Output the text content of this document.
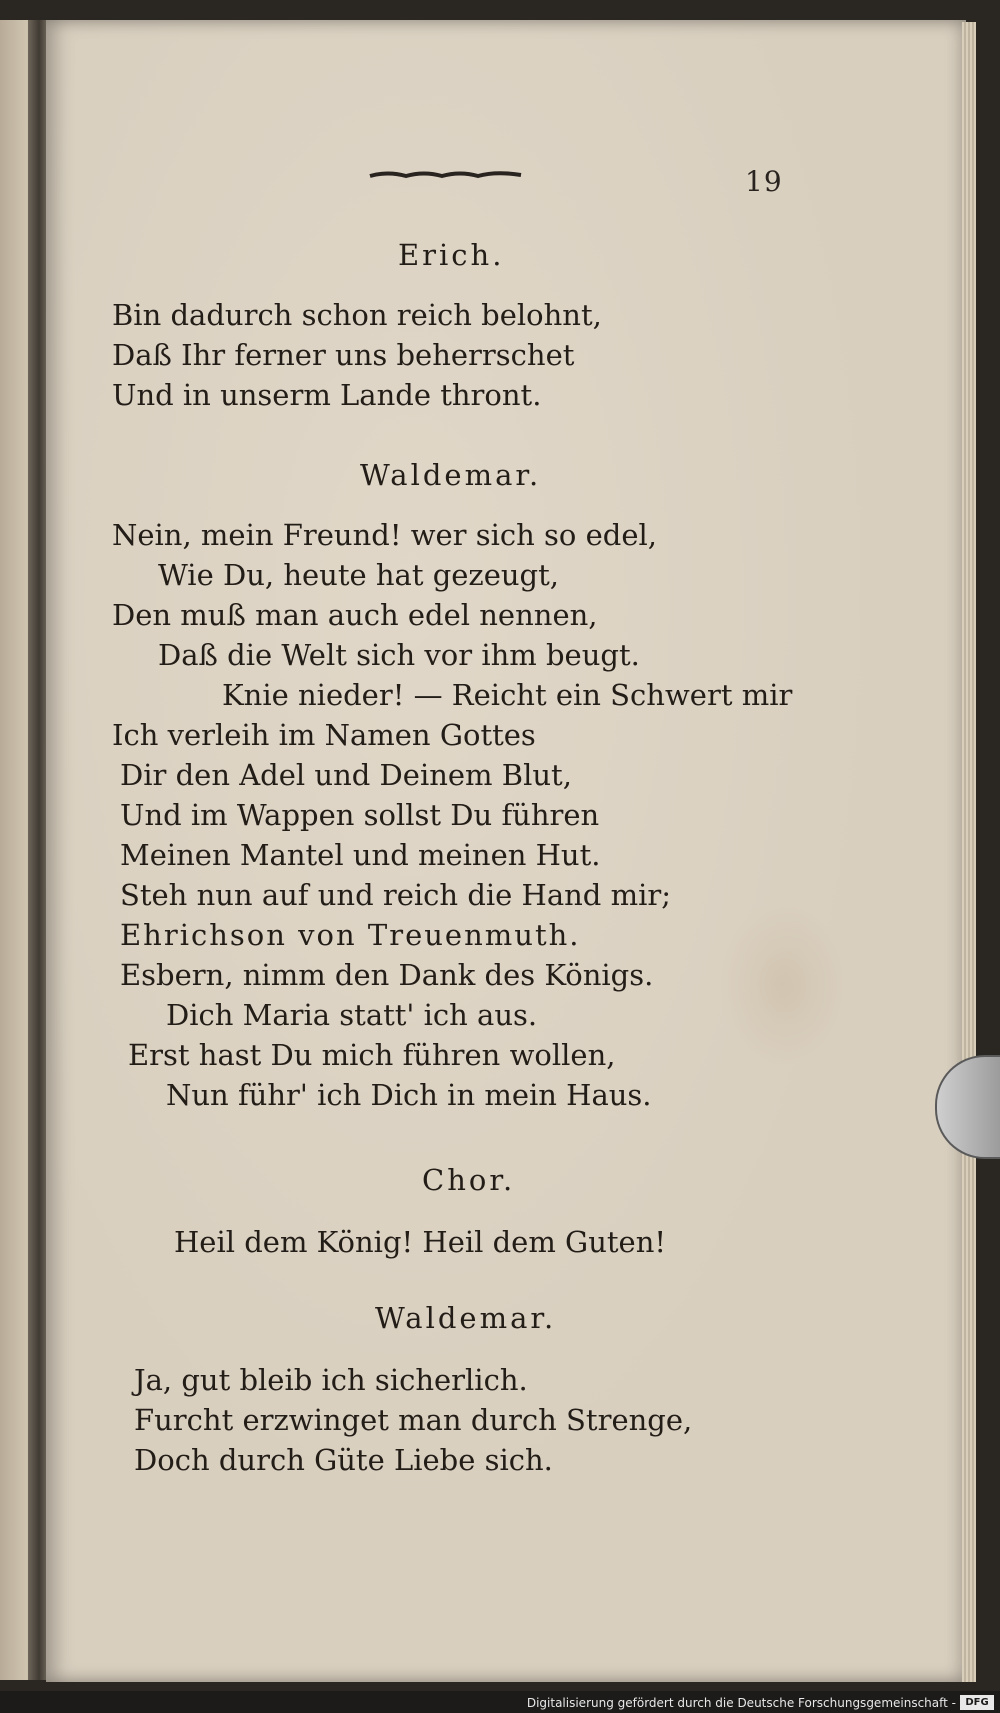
19
Erich.
Bin dadurch schon reich belohnt,
Daß Ihr ferner uns beherrschet
Und in unserm Lande thront.
Waldemar.
Nein, mein Freund! wer sich so edel,
Wie Du, heute hat gezeugt,
Den muß man auch edel nennen,
Daß die Welt sich vor ihm beugt.
Knie nieder! — Reicht ein Schwert mir
Ich verleih im Namen Gottes
Dir den Adel und Deinem Blut,
Und im Wappen sollst Du führen
Meinen Mantel und meinen Hut.
Steh nun auf und reich die Hand mir;
Ehrichson von Treuenmuth.
Esbern, nimm den Dank des Königs.
Dich Maria statt' ich aus.
Erst hast Du mich führen wollen,
Nun führ' ich Dich in mein Haus.
Chor.
Heil dem König! Heil dem Guten!
Waldemar.
Ja, gut bleib ich sicherlich.
Furcht erzwinget man durch Strenge,
Doch durch Güte Liebe sich.
Digitalisierung gefördert durch die Deutsche Forschungsgemeinschaft - DFG
